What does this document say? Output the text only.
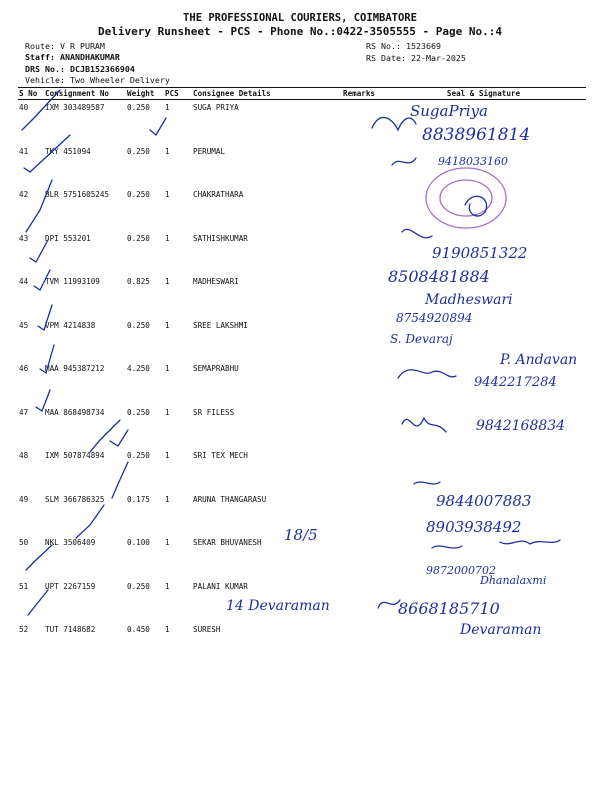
THE PROFESSIONAL COURIERS, COIMBATORE
Delivery Runsheet - PCS - Phone No.:0422-3505555 - Page No.:4
Route: V R PURAM
Staff: ANANDHAKUMAR
DRS No.: DCJB152366904
Vehicle: Two Wheeler Delivery
RS No.: 1523669
RS Date: 22-Mar-2025
S No	Consignment No	Weight	PCS	Consignee Details	Remarks	Seal & Signature
40	IXM 303489587	0.250	1	SUGA PRIYA		
41	TKY 451094	0.250	1	PERUMAL		
42	BLR 5751605245	0.250	1	CHAKRATHARA		
43	DPI 553201	0.250	1	SATHISHKUMAR		
44	TVM 11993109	0.825	1	MADHESWARI		
45	VPM 4214838	0.250	1	SREE LAKSHMI		
46	MAA 945387212	4.250	1	SEMAPRABHU		
47	MAA 868498734	0.250	1	SR FILESS		
48	IXM 507874894	0.250	1	SRI TEX MECH		
49	SLM 366786325	0.175	1	ARUNA THANGARASU		
50	NKL 3506409	0.100	1	SEKAR BHUVANESH		
51	UPT 2267159	0.250	1	PALANI KUMAR		
52	TUT 7148682	0.450	1	SURESH		
SugaPriya
8838961814
9418033160
9190851322
8508481884
Madheswari
8754920894
S. Devaraj
P. Andavan
9442217284
9842168834
9844007883
8903938492
18/5
9872000702
Dhanalaxmi
8668185710
Devaraman
14 Devaraman
